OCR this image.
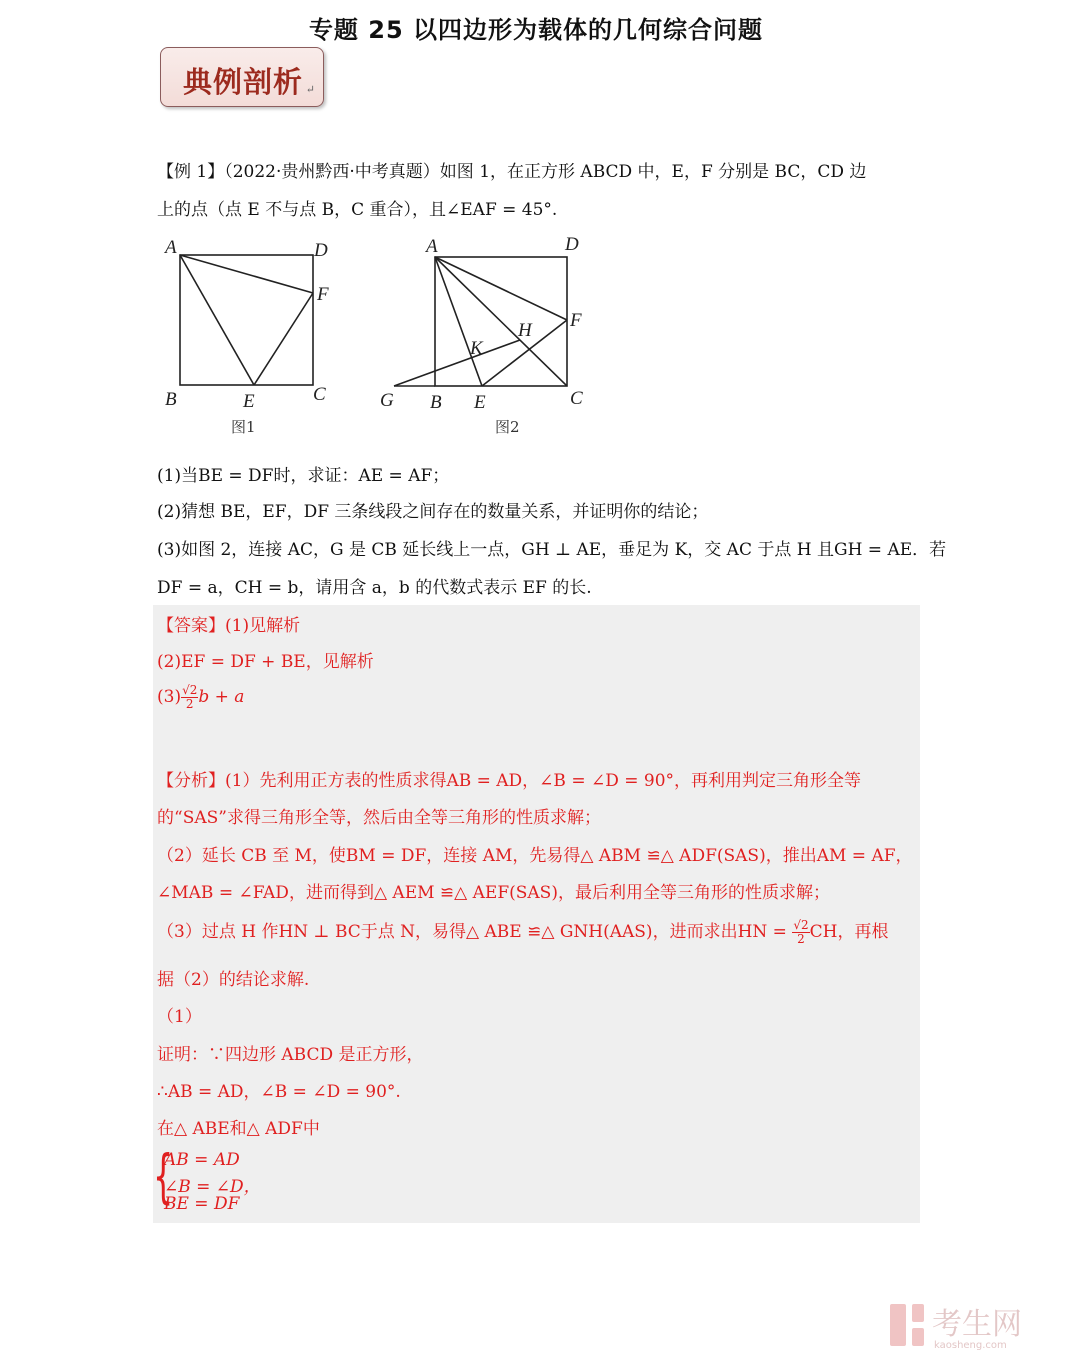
专题 25 以四边形为载体的几何综合问题
典例剖析 ↵
【例 1】（2022·贵州黔西·中考真题）如图 1，在正方形 ABCD 中，E，F 分别是 BC，CD 边
上的点（点 E 不与点 B，C 重合），且∠EAF = 45°.
A	D
F
B	E	C
图1
A	D
F
H
K
G B E	C
图2
(1)当BE = DF时，求证：AE = AF；
(2)猜想 BE，EF，DF 三条线段之间存在的数量关系，并证明你的结论；
(3)如图 2，连接 AC，G 是 CB 延长线上一点，GH ⊥ AE，垂足为 K，交 AC 于点 H 且GH = AE．若
DF = a，CH = b，请用含 a，b 的代数式表示 EF 的长.
【答案】(1)见解析
(2)EF = DF + BE，见解析
$(3) \frac{√2}{2}$ b + a
【分析】(1）先利用正方表的性质求得AB = AD，∠B = ∠D = 90°，再利用判定三角形全等
的“SAS”求得三角形全等，然后由全等三角形的性质求解；
（2）延长 CB 至 M，使BM = DF，连接 AM，先易得△ ABM ≌△ ADF(SAS)，推出AM = AF，
∠MAB = ∠FAD，进而得到△ AEM ≌△ AEF(SAS)，最后利用全等三角形的性质求解；
（3）过点 H 作HN ⊥ BC于点 N，易得△ ABE ≌△ GNH(AAS)，进而求出HN = $\frac{√2}{2}$ CH，再根
据（2）的结论求解.
（1）
证明：∵四边形 ABCD 是正方形，
∴AB = AD，∠B = ∠D = 90°.
在△ ABE和△ ADF中
{
AB = AD
∠B = ∠D，
BE = DF
考生网
kaosheng.com
